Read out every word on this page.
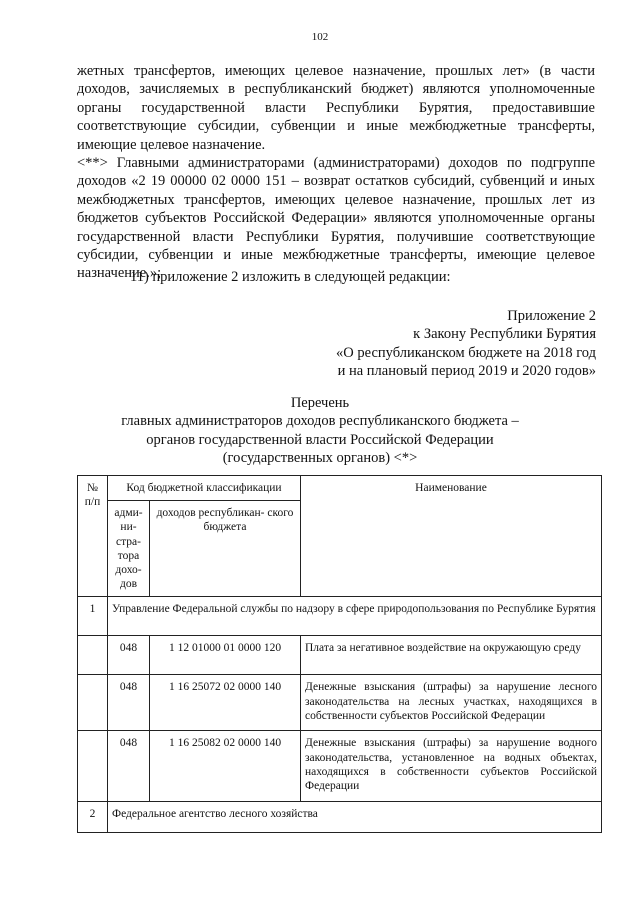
102

жетных трансфертов, имеющих целевое назначение, прошлых лет» (в части доходов, зачисляемых в республиканский бюджет) являются уполномоченные органы государственной власти Республики Бурятия, предоставившие соответствующие субсидии, субвенции и иные межбюджетные трансферты, имеющие целевое назначение.

<**> Главными администраторами (администраторами) доходов по подгруппе доходов «2 19 00000 02 0000 151 – возврат остатков субсидий, субвенций и иных межбюджетных трансфертов, имеющих целевое назначение, прошлых лет из бюджетов субъектов Российской Федерации» являются уполномоченные органы государственной власти Республики Бурятия, получившие соответствующие субсидии, субвенции и иные межбюджетные трансферты, имеющие целевое назначение.»;

11) приложение 2 изложить в следующей редакции:

Приложение 2
к Закону Республики Бурятия
«О республиканском бюджете на 2018 год
и на плановый период 2019 и 2020 годов»
Перечень
главных администраторов доходов республиканского бюджета –
органов государственной власти Российской Федерации
(государственных органов) <*>
№ п/п	Код бюджетной классификации		Наименование
	адми- ни- стра- тора дохо- дов	доходов республикан- ского бюджета	
1	Управление Федеральной службы по надзору в сфере природопользования по Республике Бурятия		
	048	1 12 01000 01 0000 120	Плата за негативное воздействие на окружающую среду
	048	1 16 25072 02 0000 140	Денежные взыскания (штрафы) за нарушение лесного законодательства на лесных участках, находящихся в собственности субъектов Российской Федерации
	048	1 16 25082 02 0000 140	Денежные взыскания (штрафы) за нарушение водного законодательства, установленное на водных объектах, находящихся в собственности субъектов Российской Федерации
2	Федеральное агентство лесного хозяйства		
